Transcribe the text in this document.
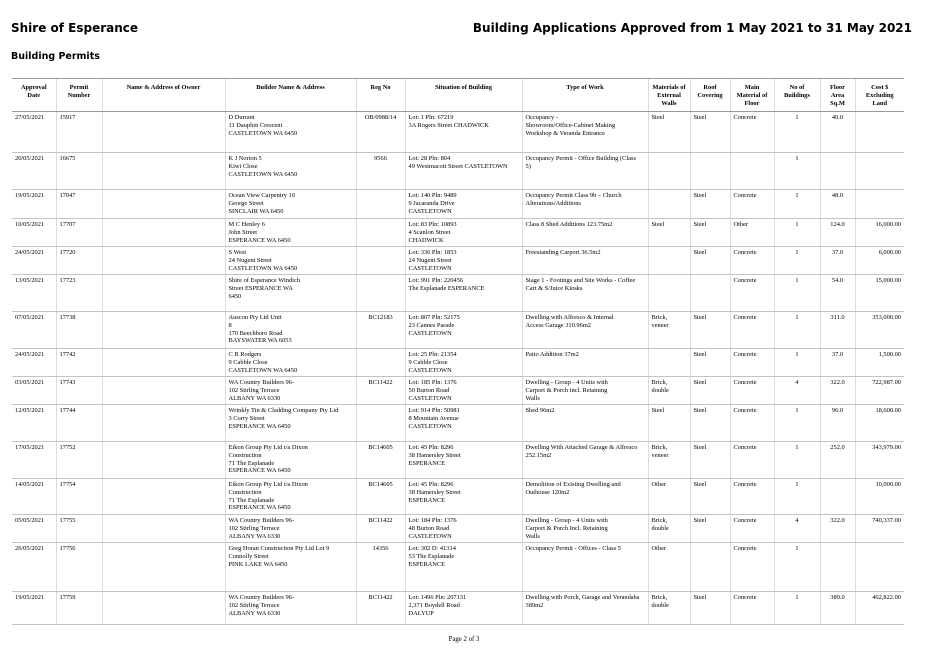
Shire of Esperance	Building Applications Approved from 1 May 2021 to 31 May 2021
Building Permits
Approval
Date	Permit
Number	Name & Address of Owner	Builder Name & Address	Reg No	Situation of Building	Type of Work	Materials of
External
Walls	Roof
Covering	Main
Material of
Floor	No of
Buildings	Floor
Area
Sq.M	Cost $
Excluding
Land
27/05/2021	15917		D Durrant
11 Dauphin Crescent
CASTLETOWN WA 6450	OB/0988/14	Lot: 1 Pln: 67219
3A Rogers Street CHADWICK	Occupancy -
Showroom/Office-Cabinet Making
Workshop & Veranda Entrance	Steel	Steel	Concrete	1	40.0	
20/05/2021	16675		K J Norton 5
Kiwi Close
CASTLETOWN WA 6450	9566	Lot: 28 Pln: 804
49 Westmacott Street CASTLETOWN	Occupancy Permit - Office Building (Class
5)				1		
19/05/2021	17047		Ocean View Carpentry 10
George Street
SINCLAIR WA 6450		Lot: 140 Pln: 9489
9 Jacaranda Drive
CASTLETOWN	Occupancy Permit Class 9b – Church
Alterations/Additions		Steel	Concrete	1	48.0	
10/05/2021	17707		M C Henley 6
John Street
ESPERANCE WA 6450		Lot: 83 Pln: 10893
4 Scanlon Street
CHADWICK	Class 8 Shed Additions 123.75m2	Steel	Steel	Other	1	124.0	16,000.00
24/05/2021	17720		S West
24 Nugent Street
CASTLETOWN WA 6450		Lot: 336 Pln: 1853
24 Nugent Street
CASTLETOWN	Freestanding Carport 36.5m2		Steel	Concrete	1	37.0	6,000.00
13/05/2021	17723		Shire of Esperance Windich
Street ESPERANCE WA
6450		Lot: 991 Pln: 220456
The Esplanade ESPERANCE	Stage 1 - Footings and Site Works - Coffee
Cart & S/Juice Kiosks			Concrete	1	54.0	15,000.00
07/05/2021	17738		Auscon Pty Ltd Unit
8
170 Beechboro Road
BAYSWATER WA 6053	BC12183	Lot: 807 Pln: 52175
23 Cannes Parade
CASTLETOWN	Dwelling with Alfresco & Internal
Access Garage 310.96m2	Brick,
veneer	Steel	Concrete	1	311.0	353,000.00
24/05/2021	17742		C B Rodgers
9 Cabble Close
CASTLETOWN WA 6450		Lot: 25 Pln: 21354
9 Cabble Close
CASTLETOWN	Patio Addition 37m2		Steel	Concrete	1	37.0	1,500.00
03/05/2021	17743		WA Country Builders 96-
102 Stirling Terrace
ALBANY WA 6330	BC11422	Lot: 185 Pln: 1376
50 Burton Road
CASTLETOWN	Dwelling - Group - 4 Units with
Carport & Porch incl. Retaining
Walls	Brick,
double	Steel	Concrete	4	322.0	722,987.00
12/05/2021	17744		Wrinkly Tin & Cladding Company Pty Ltd
3 Corry Street
ESPERANCE WA 6450		Lot: 914 Pln: 50981
8 Mountain Avenue
CASTLETOWN	Shed 96m2	Steel	Steel	Concrete	1	96.0	18,600.00
17/05/2021	17752		Eikon Group Pty Ltd t/a Dixon
Construction
71 The Esplanade
ESPERANCE WA 6450	BC14605	Lot: 45 Pln: 8296
38 Hamersley Street
ESPERANCE	Dwelling With Attached Garage & Alfresco
252.15m2	Brick,
veneer	Steel	Concrete	1	252.0	343,979.00
14/05/2021	17754		Eikon Group Pty Ltd t/a Dixon
Construction
71 The Esplanade
ESPERANCE WA 6450	BC14605	Lot: 45 Pln: 8296
38 Hamersley Street
ESPERANCE	Demolition of Existing Dwelling and
Outhouse 120m2	Other	Steel	Concrete	1		10,000.00
05/05/2021	17755		WA Country Builders 96-
102 Stirling Terrace
ALBANY WA 6330	BC11422	Lot: 184 Pln: 1376
48 Burton Road
CASTLETOWN	Dwelling - Group - 4 Units with
Carport & Porch Incl. Retaining
Walls	Brick,
double	Steel	Concrete	4	322.0	740,337.00
26/05/2021	17756		Greg Horan Construction Pty Ltd Lot 9
Connolly Street
PINK LAKE WA 6450	14356	Lot: 302 D: 41314
53 The Esplanade
ESPERANCE	Occupancy Permit - Offices - Class 5	Other		Concrete	1		
19/05/2021	17759		WA Country Builders 96-
102 Stirling Terrace
ALBANY WA 6330	BC11422	Lot: 1496 Pln: 207131
2,371 Boydell Road
DALYUP	Dwelling with Porch, Garage and Verandahs
389m2	Brick,
double	Steel	Concrete	1	389.0	462,822.00
Page 2 of 3
